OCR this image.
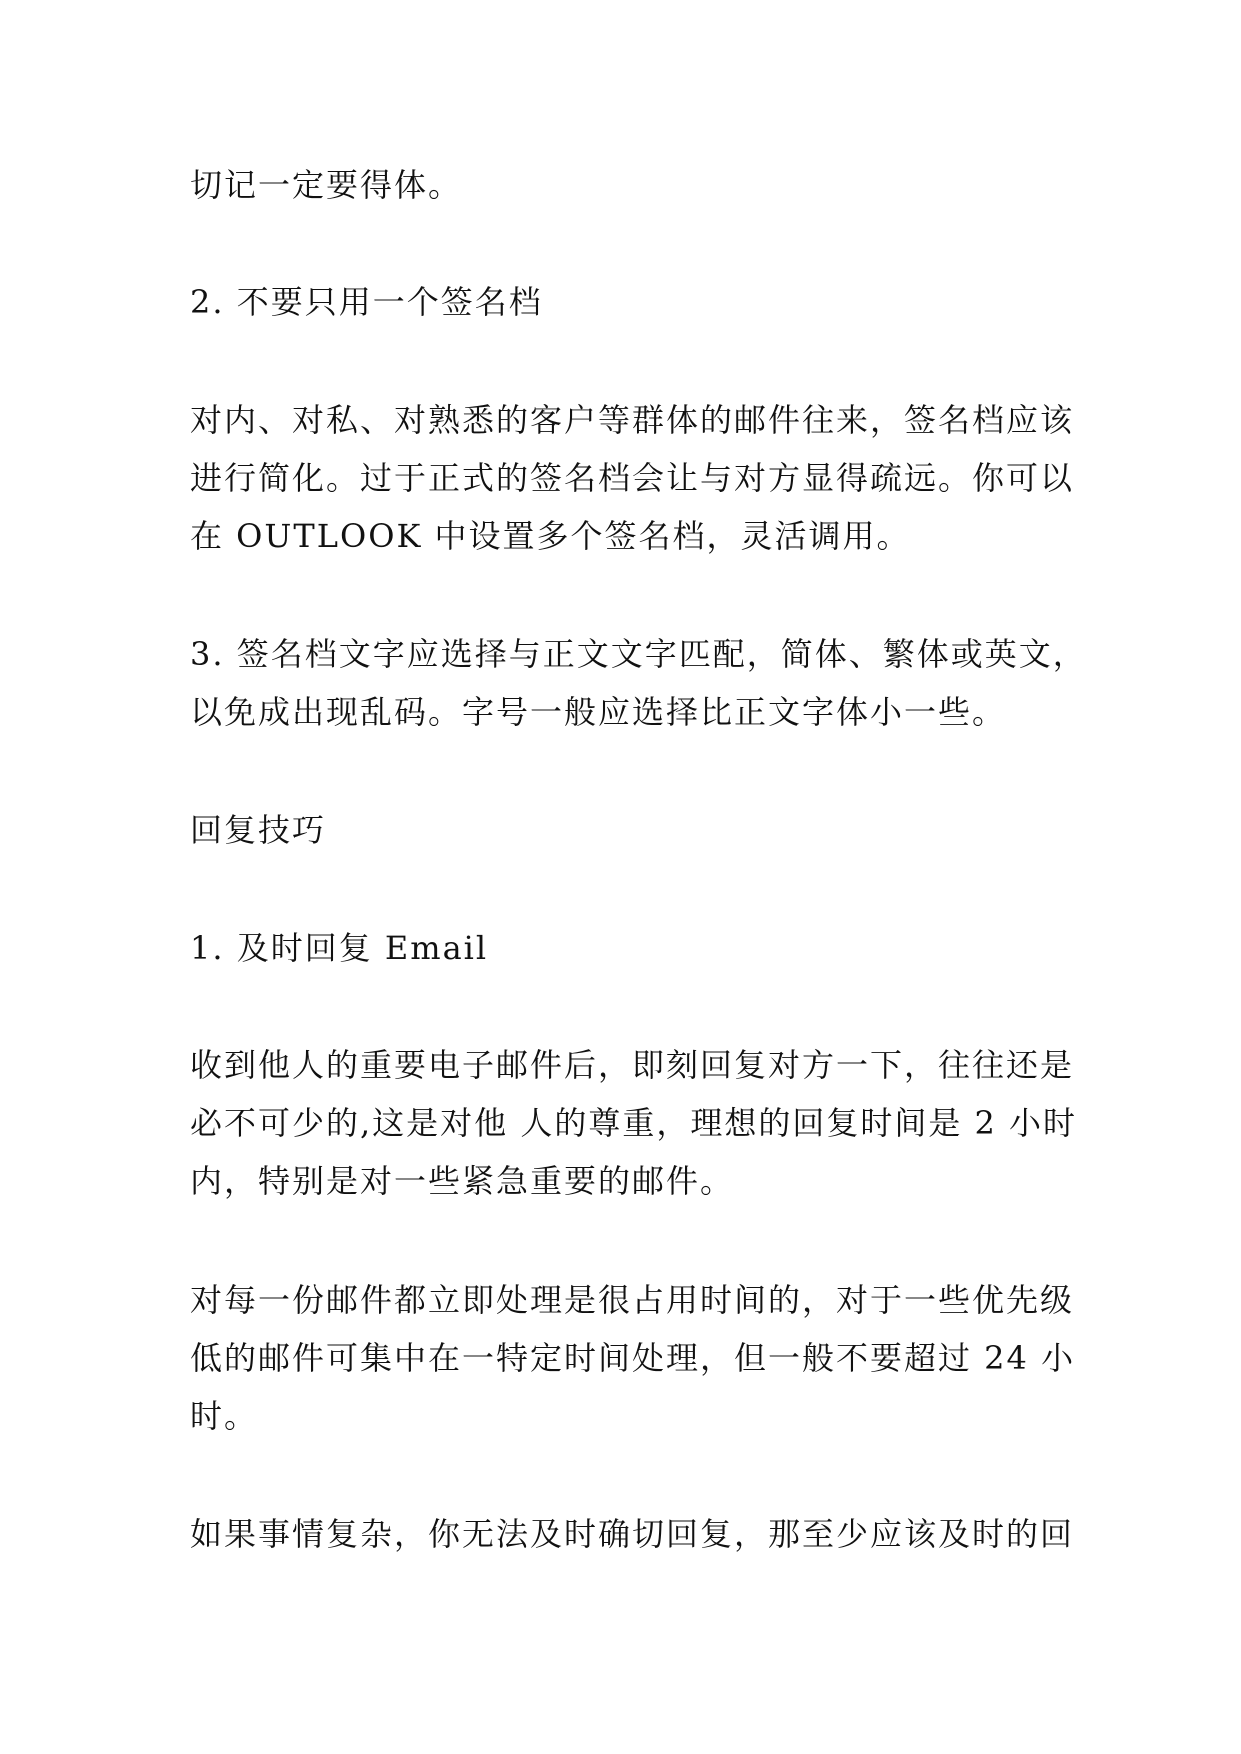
切记一定要得体。
2. 不要只用一个签名档
对内、对私、对熟悉的客户等群体的邮件往来，签名档应该
进行简化。过于正式的签名档会让与对方显得疏远。你可以
在 OUTLOOK 中设置多个签名档，灵活调用。
3. 签名档文字应选择与正文文字匹配，简体、繁体或英文，
以免成出现乱码。字号一般应选择比正文字体小一些。
回复技巧
1. 及时回复 Email
收到他人的重要电子邮件后，即刻回复对方一下，往往还是
必不可少的,这是对他 人的尊重，理想的回复时间是 2 小时
内，特别是对一些紧急重要的邮件。
对每一份邮件都立即处理是很占用时间的，对于一些优先级
低的邮件可集中在一特定时间处理，但一般不要超过 24 小
时。
如果事情复杂，你无法及时确切回复，那至少应该及时的回
